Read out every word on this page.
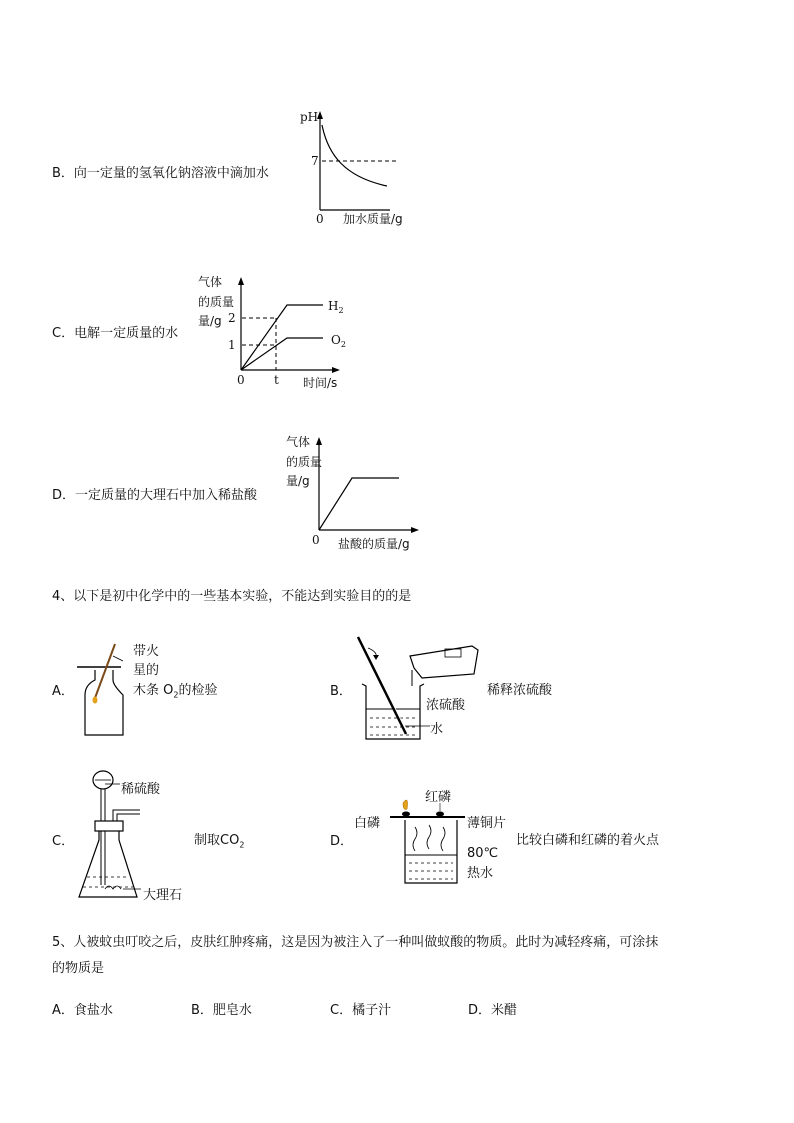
B．向一定量的氢氧化钠溶液中滴加水
pH
7
0 加水质量/g
C．电解一定质量的水
气体
的质量
量/g 2
1
0 t 时间/s
$H_2$
$O_2$
D．一定质量的大理石中加入稀盐酸
气体
的质量
量/g
0 盐酸的质量/g
4、以下是初中化学中的一些基本实验，不能达到实验目的的是
A．
带火
星的
木条 $O_2$的检验	B．
浓硫酸
水
稀释浓硫酸
C．
稀硫酸
大理石
制取$CO_2$	D．
红磷
白磷	薄铜片
80℃
热水
比较白磷和红磷的着火点
5、人被蚊虫叮咬之后，皮肤红肿疼痛，这是因为被注入了一种叫做蚁酸的物质。此时为减轻疼痛，可涂抹
的物质是
A．食盐水	B．肥皂水	C．橘子汁	D．米醋
